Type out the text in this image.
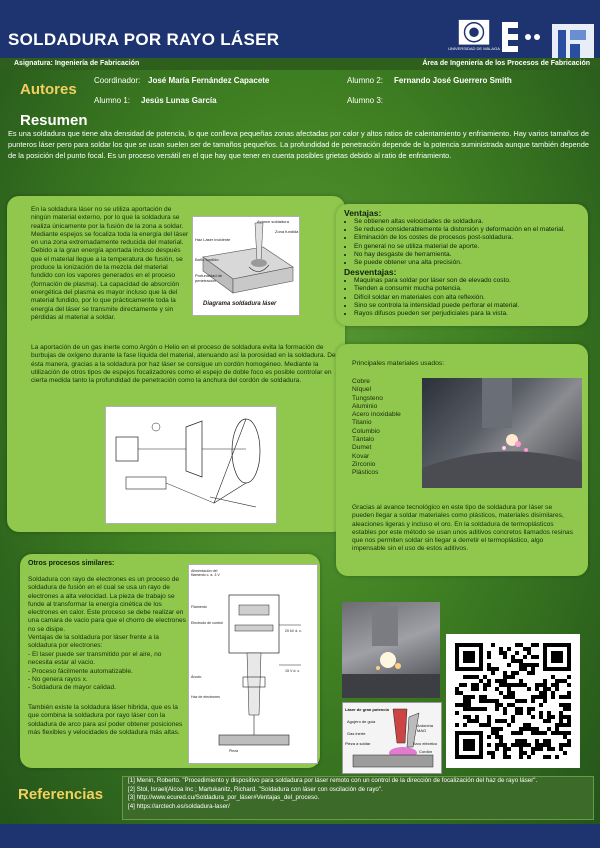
SOLDADURA POR RAYO LÁSER	UNIVERSIDAD DE MÁLAGA
Asignatura: Ingeniería de Fabricación	Área de Ingeniería de los Procesos de Fabricación
Autores
Coordinador: José María Fernández Capacete
Alumno 1: Jesús Lunas García
Alumno 2: Fernando José Guerrero Smith
Alumno 3:
Resumen
Es una soldadura que tiene alta densidad de potencia, lo que conlleva pequeñas zonas afectadas por calor y altos ratios de calentamiento y enfriamiento. Hay varios tamaños de punteros láser pero para soldar los que se usan suelen ser de tamaños pequeños. La profundidad de penetración depende de la potencia suministrada aunque también depende de la posición del punto focal. Es un proceso versátil en el que hay que tener en cuenta posibles grietas debido al ratio de enfriamiento.
En la soldadura láser no se utiliza aportación de ningún material externo, por lo que la soldadura se realiza únicamente por la fusión de la zona a soldar. Mediante espejos se focaliza toda la energía del láser en una zona extremadamente reducida del material. Debido a la gran energía aportada incluso después que el material llegue a la temperatura de fusión, se produce la ionización de la mezcla del material fundido con los vapores generados en el proceso (formación de plasma). La capacidad de absorción energética del plasma es mayor incluso que la del material fundido, por lo que prácticamente toda la energía del láser se transmite directamente y sin pérdidas al material a soldar.
Haz Láser incidente
Avance soldadura
Zona fundida
Baño fundido
Profundidad de penetración
Diagrama soldadura láser
La aportación de un gas inerte como Argón o Helio en el proceso de soldadura evita la formación de burbujas de oxígeno durante la fase líquida del material, atenuando así la porosidad en la soldadura. De ésta manera, gracias a la soldadura por haz láser se consigue un cordón homogéneo. Mediante la utilización de otros tipos de espejos focalizadores como el espejo de doble foco es posible controlar en cierta medida tanto la profundidad de penetración como la anchura del cordón de soldadura.
Ventajas:
• Se obtienen altas velocidades de soldadura.
• Se reduce considerablemente la distorsión y deformación en el material.
• Eliminación de los costes de procesos post-soldadura.
• En general no se utiliza material de aporte.
• No hay desgaste de herramienta.
• Se puede obtener una alta precisión.
Desventajas:
• Maquinas para soldar por láser son de elevado costo.
• Tienden a consumir mucha potencia.
• Difícil soldar en materiales con alta reflexión.
• Sino se controla la intensidad puede perforar el material.
• Rayos difusos pueden ser perjudiciales para la vista.
Principales materiales usados:
Cobre
Níquel
Tungsteno
Aluminio
Acero inoxidable
Titanio
Columbio
Tántalo
Dumet
Kovar
Zirconio
Plásticos
Gracias al avance tecnológico en este tipo de soldadura por láser se pueden llegar a soldar materiales como plásticos, materiales disimilares, aleaciones ligeras y incluso el oro. En la soldadura de termoplásticos estables por este método se usan unos aditivos concretos llamados resinas que nos permiten soldar sin llegar a derretir el termoplástico, algo impensable sin el uso de estos aditivos.
Otros procesos similares:
Soldadura con rayo de electrones es un proceso de soldadura de fusión en el cual se usa un rayo de electrones a alta velocidad. La pieza de trabajo se funde al transformar la energía cinética de los electrones en calor. Este proceso se debe realizar en una camara de vacio para que el chorro de electrones no se disipe.
Ventajas de la soldadura por láser frente a la soldadura por electrones:
- El laser puede ser transmitido por el aire, no necesita estar al vacio.
- Proceso fácilmente automatizable.
- No genera rayos x.
- Soldadura de mayor calidad.
También existe la soldadura láser hibrida, que es la que combina la soldadura por rayo láser con la soldadura de arco para así poder obtener posiciones más flexibles y velocidades de soldadura más altas.
Alimentación del filamento c. a. 3 V
Filamento
Electrodo de control
Ánodo
Haz de electrones
Pieza
20 kV d. c.
15 V d. c.
Láser de gran potencia
Agujero de guía
Gas inerte
Pieza a soldar
Antorcha MAG
Arco eléctrico
Cordón
Referencias
[1] Menin, Roberto. "Procedimiento y dispositivo para soldadura por láser remoto con un control de la dirección de focalización del haz de rayo láser".
[2] Stol, Israel(Alcoa Inc ; Martukanitz, Richard. "Soldadura con láser con oscilación de rayo".
[3] http://www.ecured.cu/Soldadura_por_láser#Ventajas_del_proceso.
[4] https://arctech.es/soldadura-laser/
